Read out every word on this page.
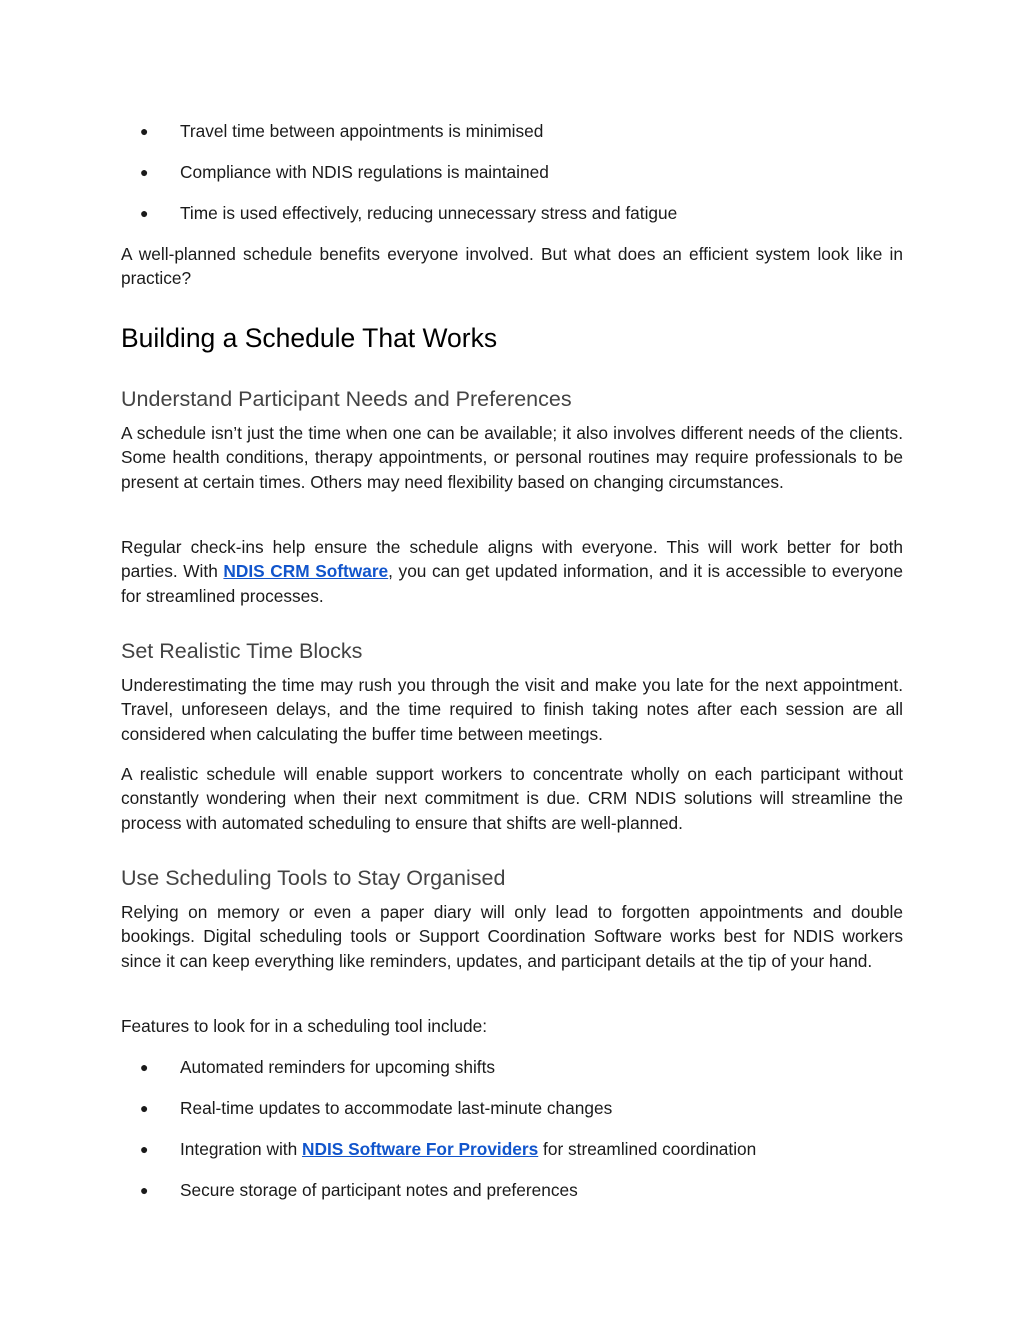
● Travel time between appointments is minimised
● Compliance with NDIS regulations is maintained
● Time is used effectively, reducing unnecessary stress and fatigue

A well-planned schedule benefits everyone involved. But what does an efficient system look like in practice?

Building a Schedule That Works
Understand Participant Needs and Preferences

A schedule isn’t just the time when one can be available; it also involves different needs of the clients. Some health conditions, therapy appointments, or personal routines may require professionals to be present at certain times. Others may need flexibility based on changing circumstances.

Regular check-ins help ensure the schedule aligns with everyone. This will work better for both parties. With NDIS CRM Software, you can get updated information, and it is accessible to everyone for streamlined processes.

Set Realistic Time Blocks

Underestimating the time may rush you through the visit and make you late for the next appointment. Travel, unforeseen delays, and the time required to finish taking notes after each session are all considered when calculating the buffer time between meetings.

A realistic schedule will enable support workers to concentrate wholly on each participant without constantly wondering when their next commitment is due. CRM NDIS solutions will streamline the process with automated scheduling to ensure that shifts are well-planned.

Use Scheduling Tools to Stay Organised

Relying on memory or even a paper diary will only lead to forgotten appointments and double bookings. Digital scheduling tools or Support Coordination Software works best for NDIS workers since it can keep everything like reminders, updates, and participant details at the tip of your hand.

Features to look for in a scheduling tool include:

● Automated reminders for upcoming shifts
● Real-time updates to accommodate last-minute changes
● Integration with NDIS Software For Providers for streamlined coordination
● Secure storage of participant notes and preferences
